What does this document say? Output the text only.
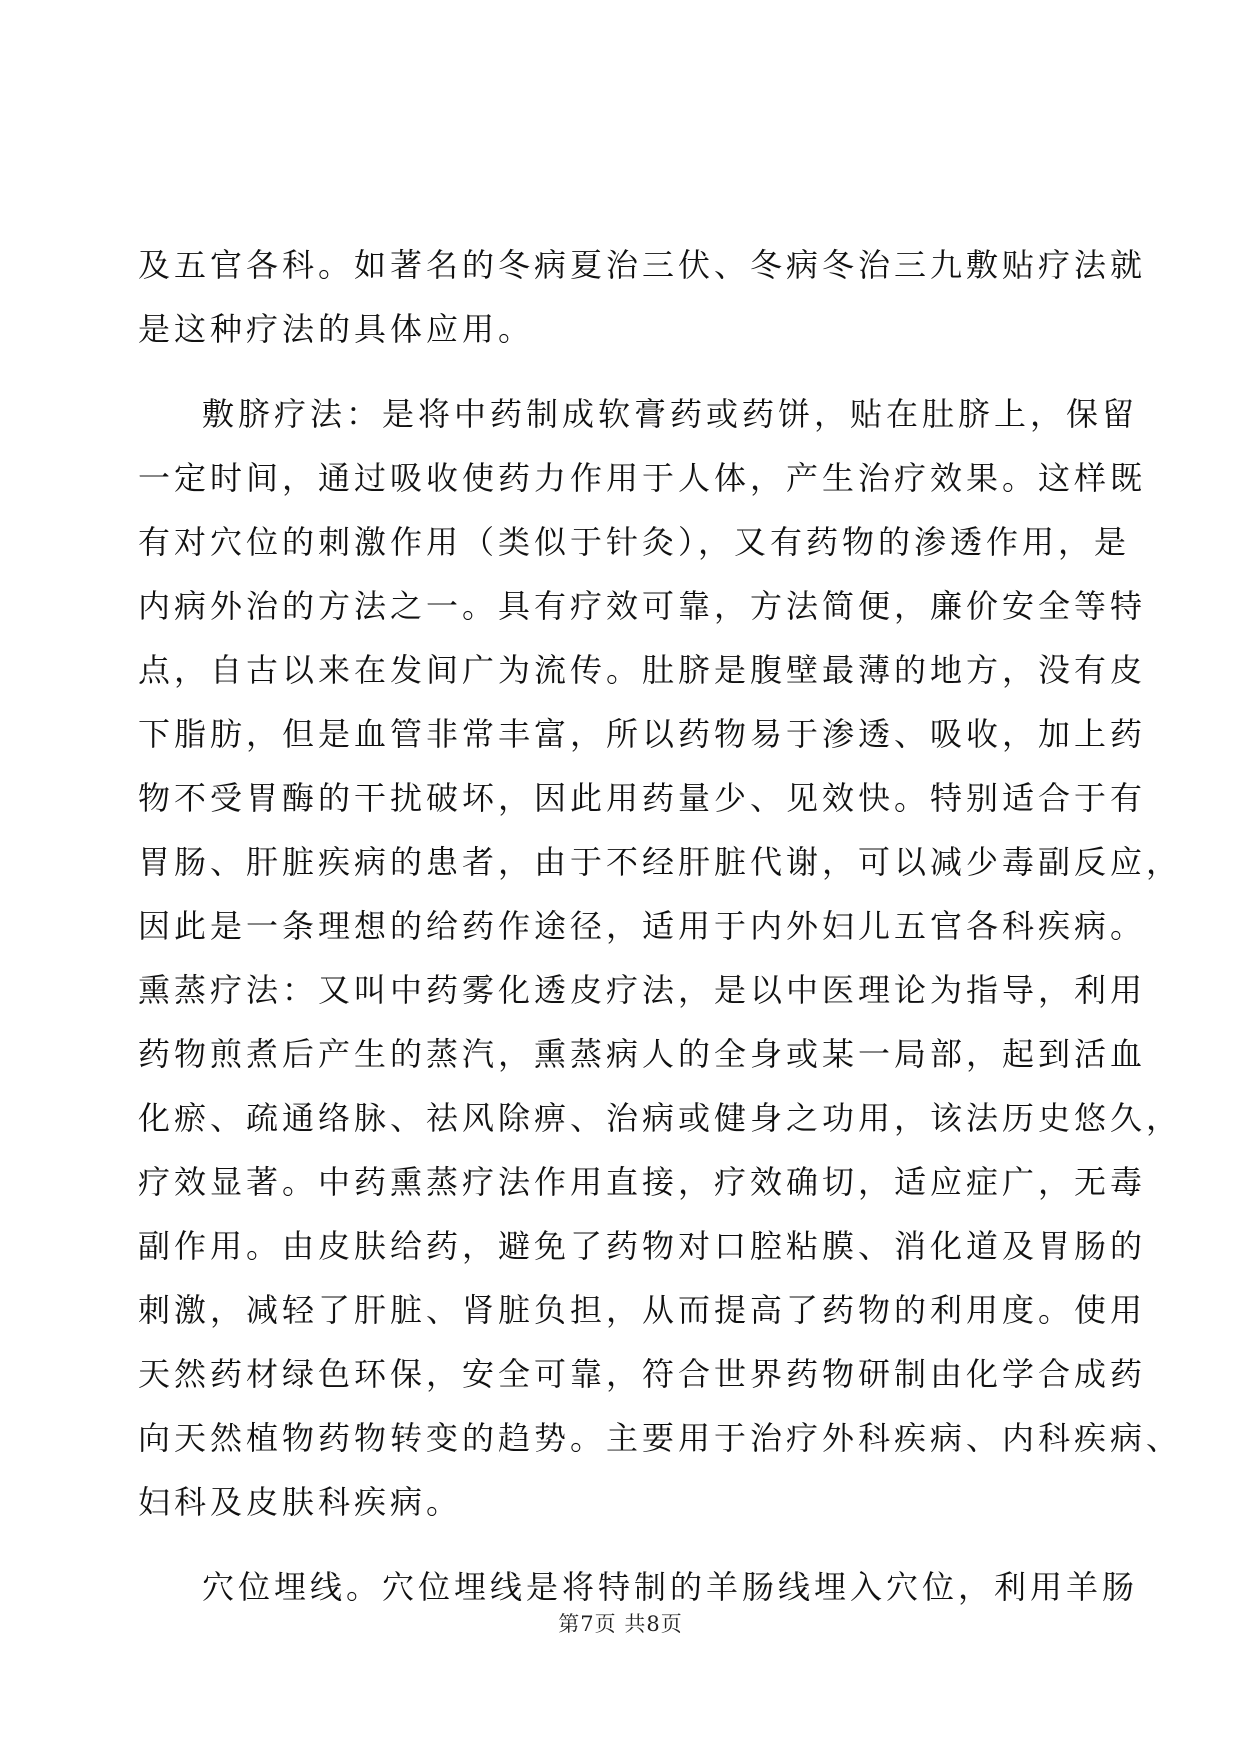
及五官各科。如著名的冬病夏治三伏、冬病冬治三九敷贴疗法就
是这种疗法的具体应用。
敷脐疗法：是将中药制成软膏药或药饼，贴在肚脐上，保留
一定时间，通过吸收使药力作用于人体，产生治疗效果。这样既
有对穴位的刺激作用（类似于针灸），又有药物的渗透作用，是
内病外治的方法之一。具有疗效可靠，方法简便，廉价安全等特
点，自古以来在发间广为流传。肚脐是腹壁最薄的地方，没有皮
下脂肪，但是血管非常丰富，所以药物易于渗透、吸收，加上药
物不受胃酶的干扰破坏，因此用药量少、见效快。特别适合于有
胃肠、肝脏疾病的患者，由于不经肝脏代谢，可以减少毒副反应，
因此是一条理想的给药作途径，适用于内外妇儿五官各科疾病。
熏蒸疗法：又叫中药雾化透皮疗法，是以中医理论为指导，利用
药物煎煮后产生的蒸汽，熏蒸病人的全身或某一局部，起到活血
化瘀、疏通络脉、祛风除痹、治病或健身之功用，该法历史悠久，
疗效显著。中药熏蒸疗法作用直接，疗效确切，适应症广，无毒
副作用。由皮肤给药，避免了药物对口腔粘膜、消化道及胃肠的
刺激，减轻了肝脏、肾脏负担，从而提高了药物的利用度。使用
天然药材绿色环保，安全可靠，符合世界药物研制由化学合成药
向天然植物药物转变的趋势。主要用于治疗外科疾病、内科疾病、
妇科及皮肤科疾病。
穴位埋线。穴位埋线是将特制的羊肠线埋入穴位，利用羊肠
第7页 共8页
